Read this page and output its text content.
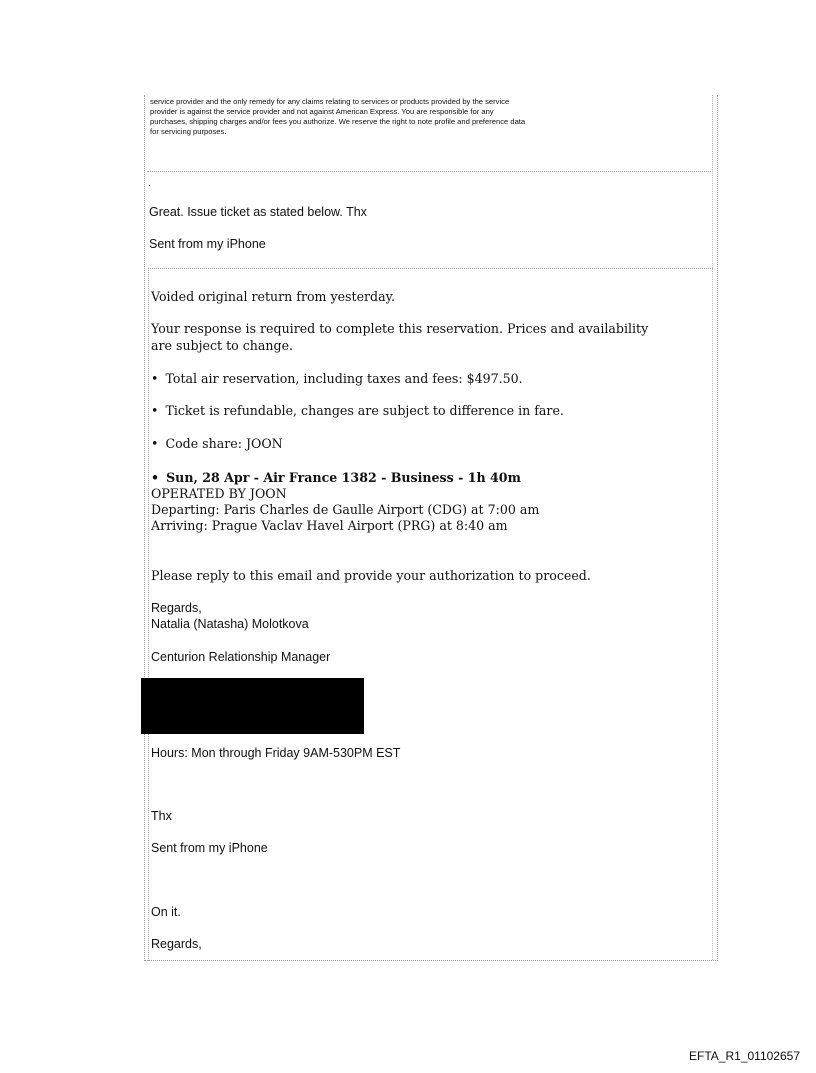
service provider and the only remedy for any claims relating to services or products provided by the service
provider is against the service provider and not against American Express. You are responsible for any
purchases, shipping charges and/or fees you authorize. We reserve the right to note profile and preference data
for servicing purposes.
.
Great. Issue ticket as stated below. Thx
Sent from my iPhone
Voided original return from yesterday.
Your response is required to complete this reservation. Prices and availability
are subject to change.
• Total air reservation, including taxes and fees: $497.50.
• Ticket is refundable, changes are subject to difference in fare.
• Code share: JOON
• Sun, 28 Apr - Air France 1382 - Business - 1h 40m
OPERATED BY JOON
Departing: Paris Charles de Gaulle Airport (CDG) at 7:00 am
Arriving: Prague Vaclav Havel Airport (PRG) at 8:40 am
Please reply to this email and provide your authorization to proceed.
Regards,
Natalia (Natasha) Molotkova
Centurion Relationship Manager
Hours: Mon through Friday 9AM-530PM EST
Thx
Sent from my iPhone
On it.
Regards,
EFTA_R1_01102657
